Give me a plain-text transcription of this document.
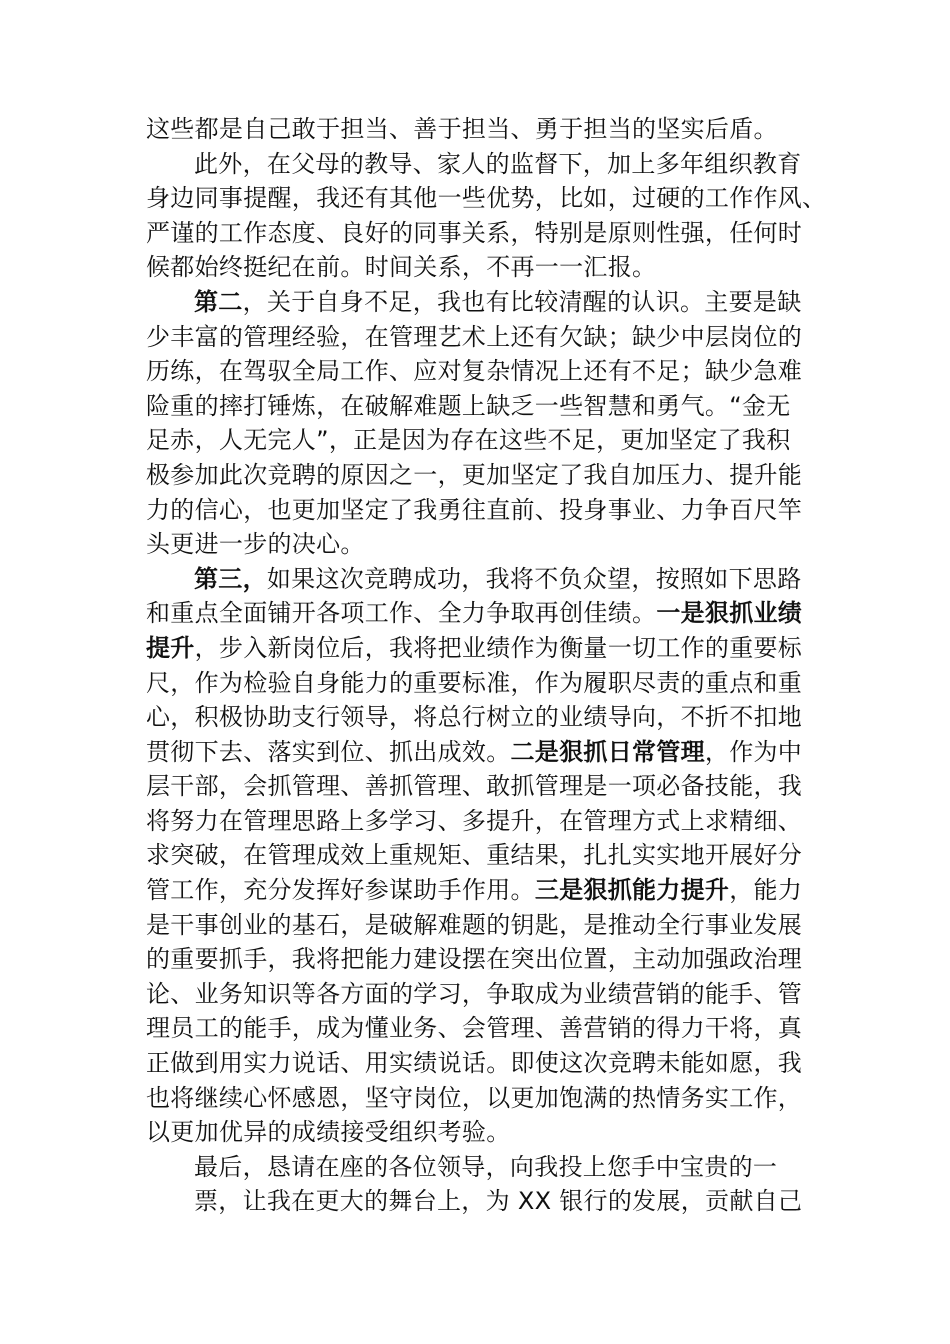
这些都是自己敢于担当、善于担当、勇于担当的坚实后盾。
此外，在父母的教导、家人的监督下，加上多年组织教育
身边同事提醒，我还有其他一些优势，比如，过硬的工作作风、
严谨的工作态度、良好的同事关系，特别是原则性强，任何时
候都始终挺纪在前。时间关系，不再一一汇报。
第二，关于自身不足，我也有比较清醒的认识。主要是缺
少丰富的管理经验，在管理艺术上还有欠缺；缺少中层岗位的
历练，在驾驭全局工作、应对复杂情况上还有不足；缺少急难
险重的摔打锤炼，在破解难题上缺乏一些智慧和勇气。“金无
足赤，人无完人”，正是因为存在这些不足，更加坚定了我积
极参加此次竞聘的原因之一，更加坚定了我自加压力、提升能
力的信心，也更加坚定了我勇往直前、投身事业、力争百尺竿
头更进一步的决心。
第三，如果这次竞聘成功，我将不负众望，按照如下思路
和重点全面铺开各项工作、全力争取再创佳绩。一是狠抓业绩
提升，步入新岗位后，我将把业绩作为衡量一切工作的重要标
尺，作为检验自身能力的重要标准，作为履职尽责的重点和重
心，积极协助支行领导，将总行树立的业绩导向，不折不扣地
贯彻下去、落实到位、抓出成效。二是狠抓日常管理，作为中
层干部，会抓管理、善抓管理、敢抓管理是一项必备技能，我
将努力在管理思路上多学习、多提升，在管理方式上求精细、
求突破，在管理成效上重规矩、重结果，扎扎实实地开展好分
管工作，充分发挥好参谋助手作用。三是狠抓能力提升，能力
是干事创业的基石，是破解难题的钥匙，是推动全行事业发展
的重要抓手，我将把能力建设摆在突出位置，主动加强政治理
论、业务知识等各方面的学习，争取成为业绩营销的能手、管
理员工的能手，成为懂业务、会管理、善营销的得力干将，真
正做到用实力说话、用实绩说话。即使这次竞聘未能如愿，我
也将继续心怀感恩，坚守岗位，以更加饱满的热情务实工作，
以更加优异的成绩接受组织考验。
最后，恳请在座的各位领导，向我投上您手中宝贵的一
票，让我在更大的舞台上，为 XX 银行的发展，贡献自己
